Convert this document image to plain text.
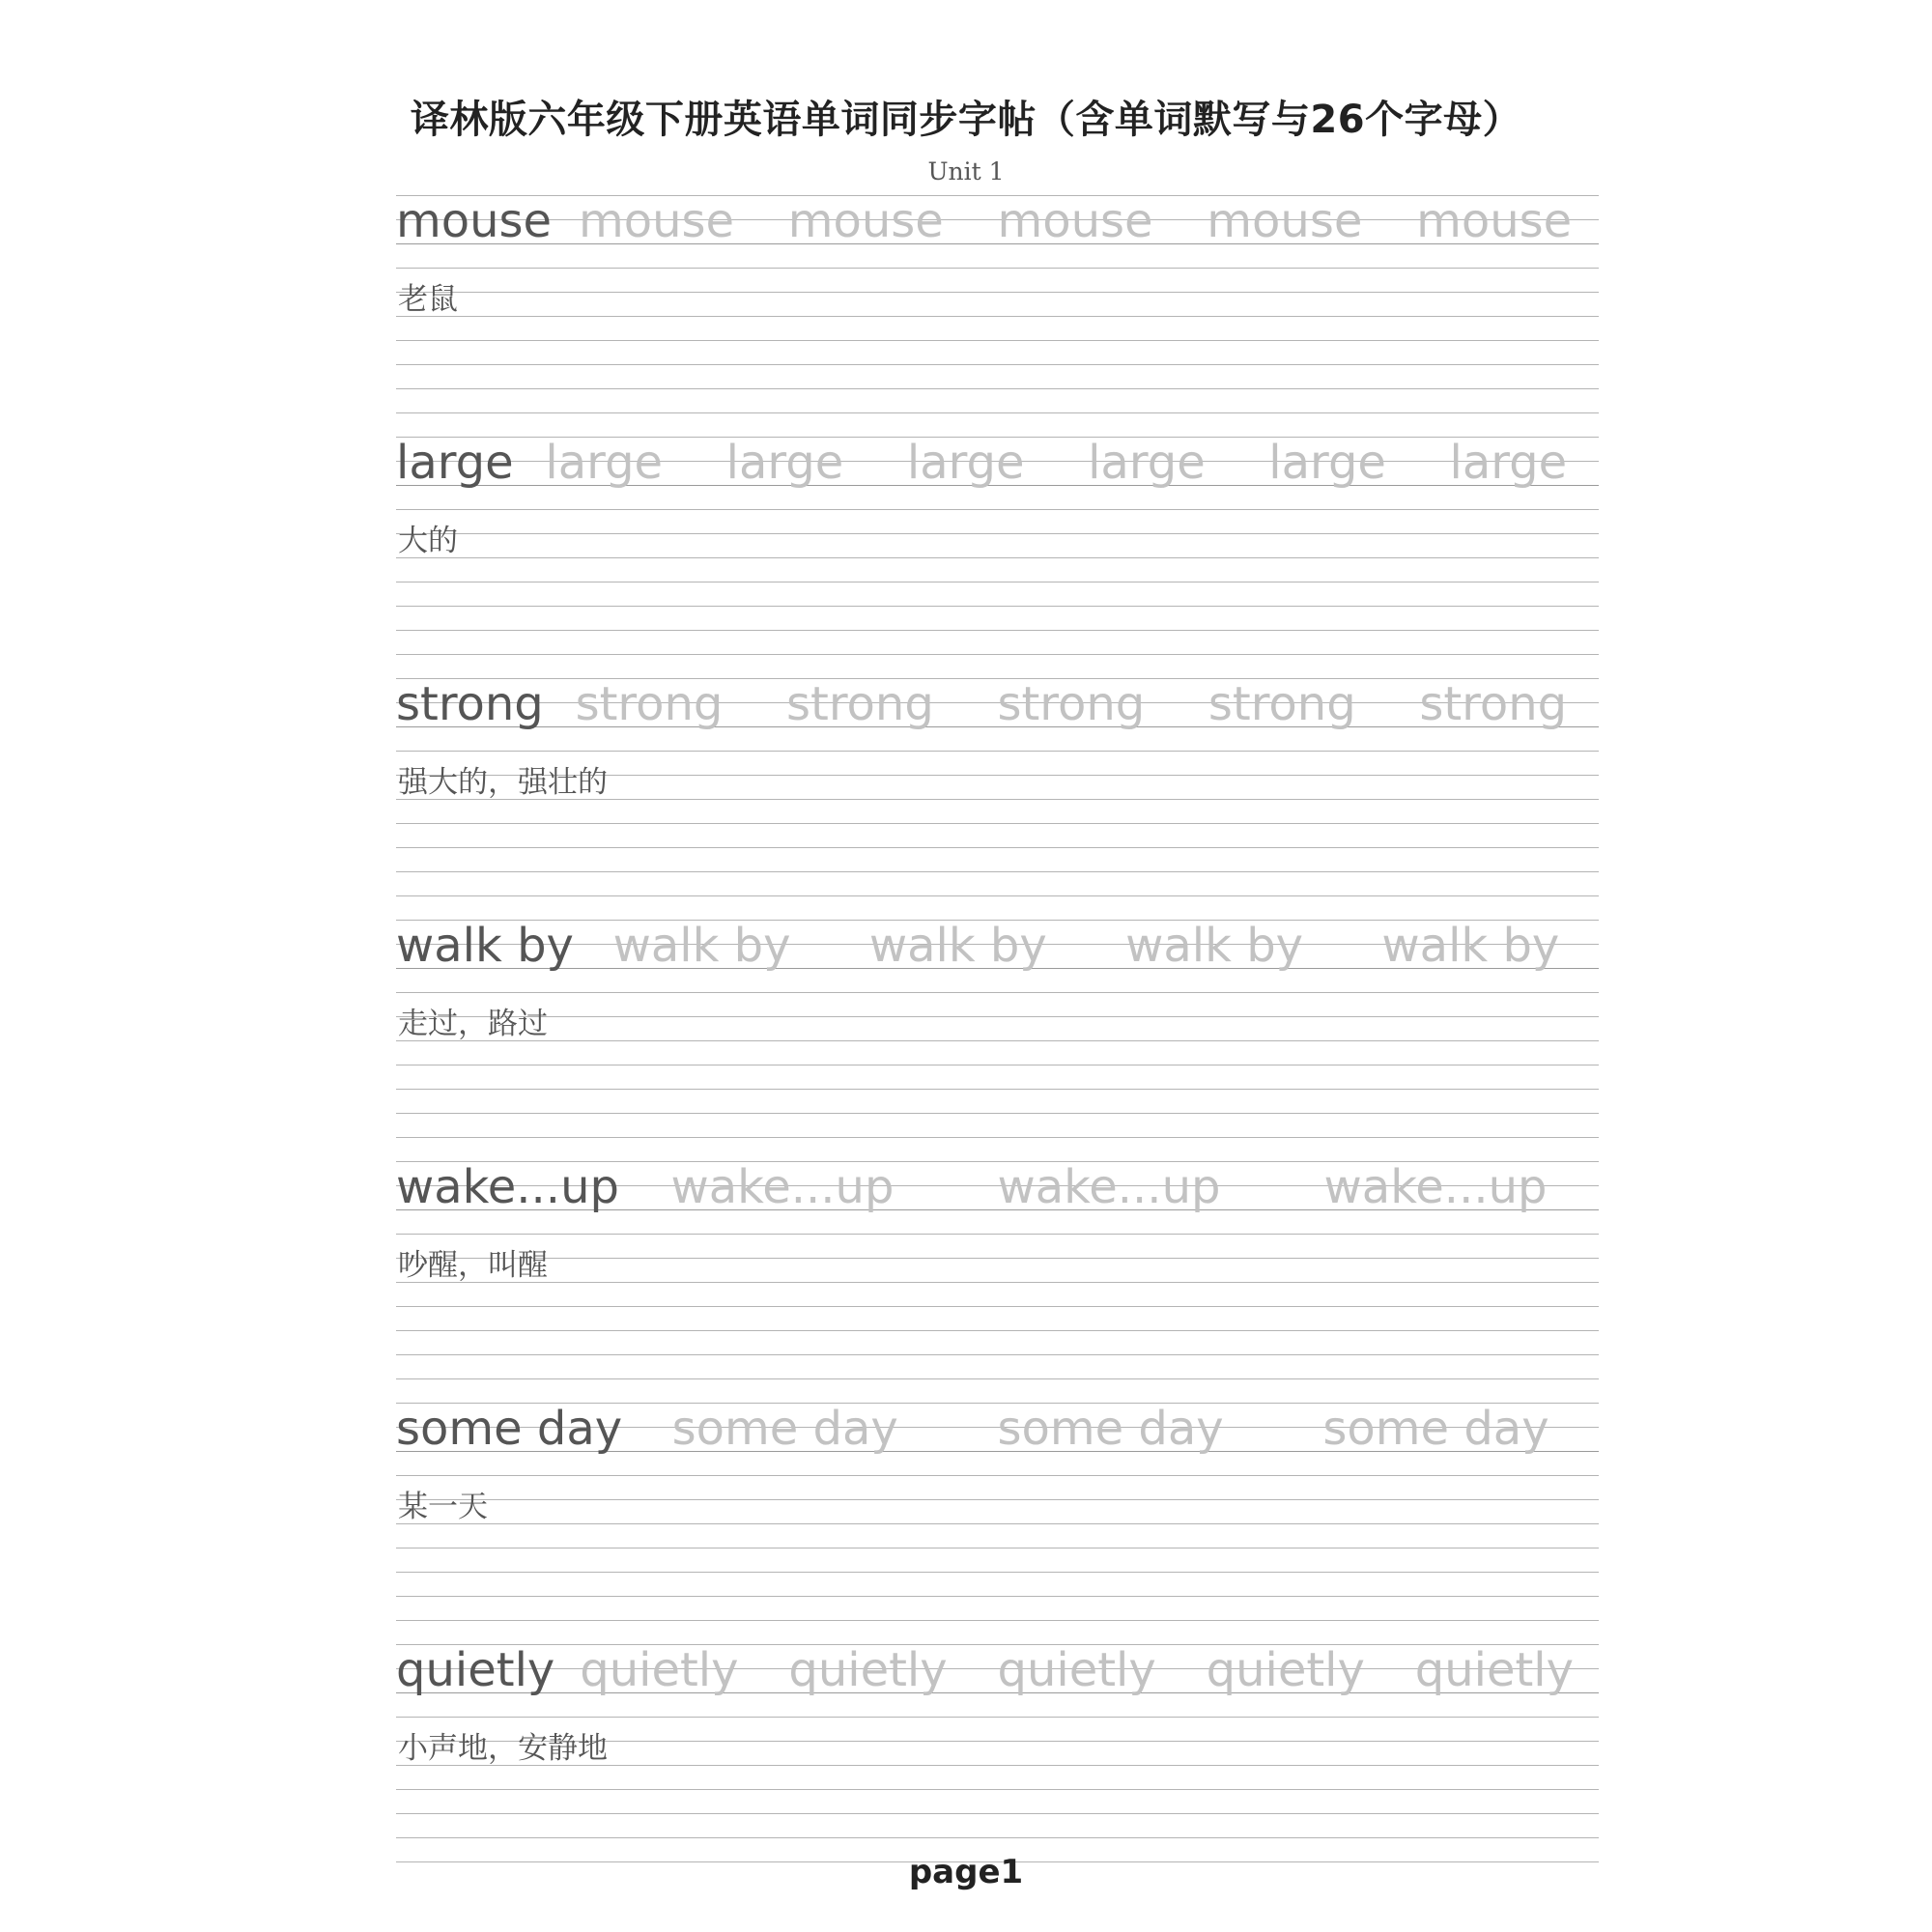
译林版六年级下册英语单词同步字帖（含单词默写与26个字母）
Unit 1
mouse mouse mouse mouse mouse mouse
老鼠
large large large large large large large
大的
strong strong strong strong strong strong
强大的，强壮的
walk by walk by walk by walk by walk by
走过，路过
wake...up wake...up wake...up wake...up
吵醒，叫醒
some day some day some day some day
某一天
quietly quietly quietly quietly quietly quietly
小声地，安静地
page1
